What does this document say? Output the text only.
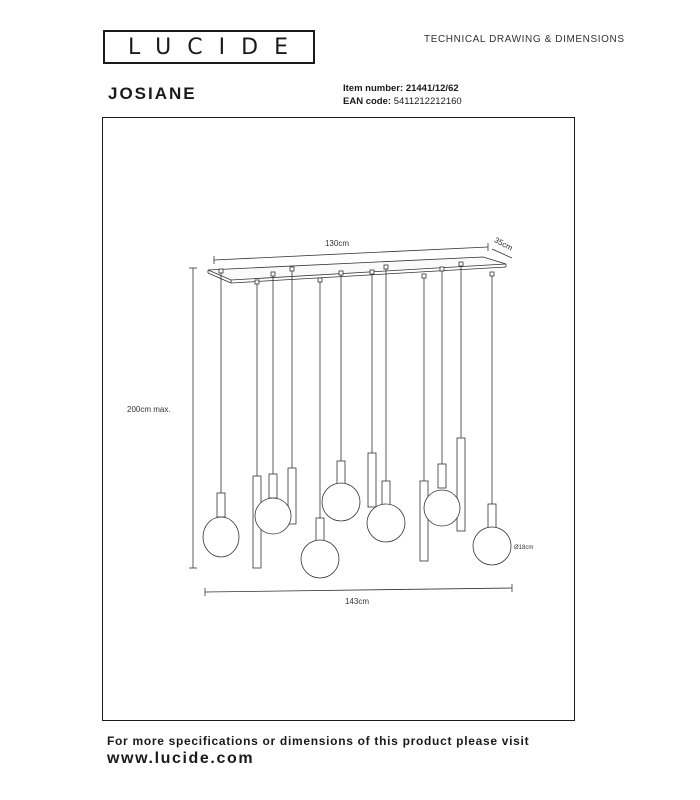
LUCIDE	TECHNICAL DRAWING & DIMENSIONS
JOSIANE	Item number: 21441/12/62
EAN code: 5411212212160
130cm	35cm
200cm max.
143cm
Ø18cm
For more specifications or dimensions of this product please visit
www.lucide.com
